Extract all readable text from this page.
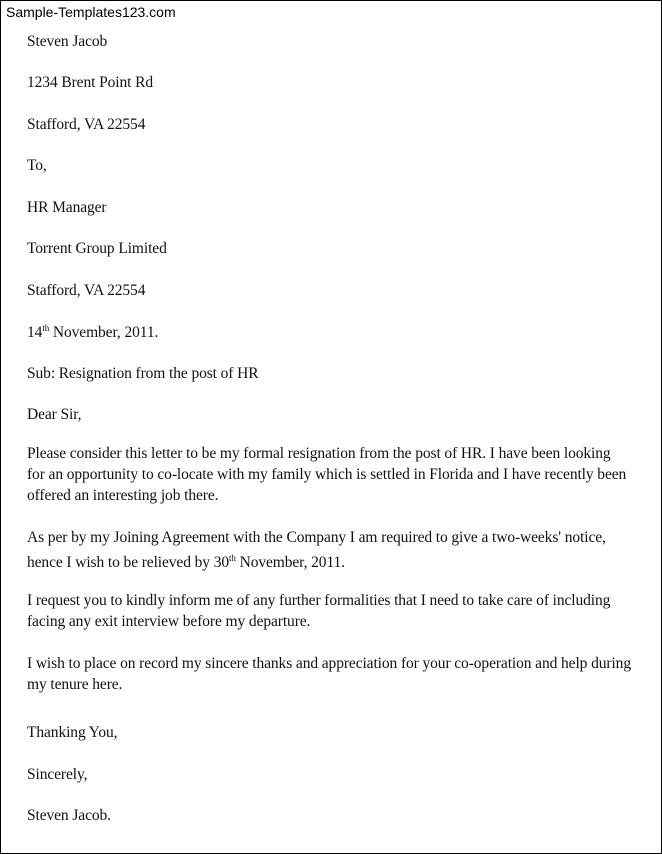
Sample-Templates123.com
Steven Jacob
1234 Brent Point Rd
Stafford, VA 22554
To,
HR Manager
Torrent Group Limited
Stafford, VA 22554
14th November, 2011.
Sub: Resignation from the post of HR
Dear Sir,
Please consider this letter to be my formal resignation from the post of HR. I have been looking for an opportunity to co-locate with my family which is settled in Florida and I have recently been offered an interesting job there.
As per by my Joining Agreement with the Company I am required to give a two-weeks' notice, hence I wish to be relieved by 30th November, 2011.
I request you to kindly inform me of any further formalities that I need to take care of including facing any exit interview before my departure.
I wish to place on record my sincere thanks and appreciation for your co-operation and help during my tenure here.
Thanking You,
Sincerely,
Steven Jacob.
